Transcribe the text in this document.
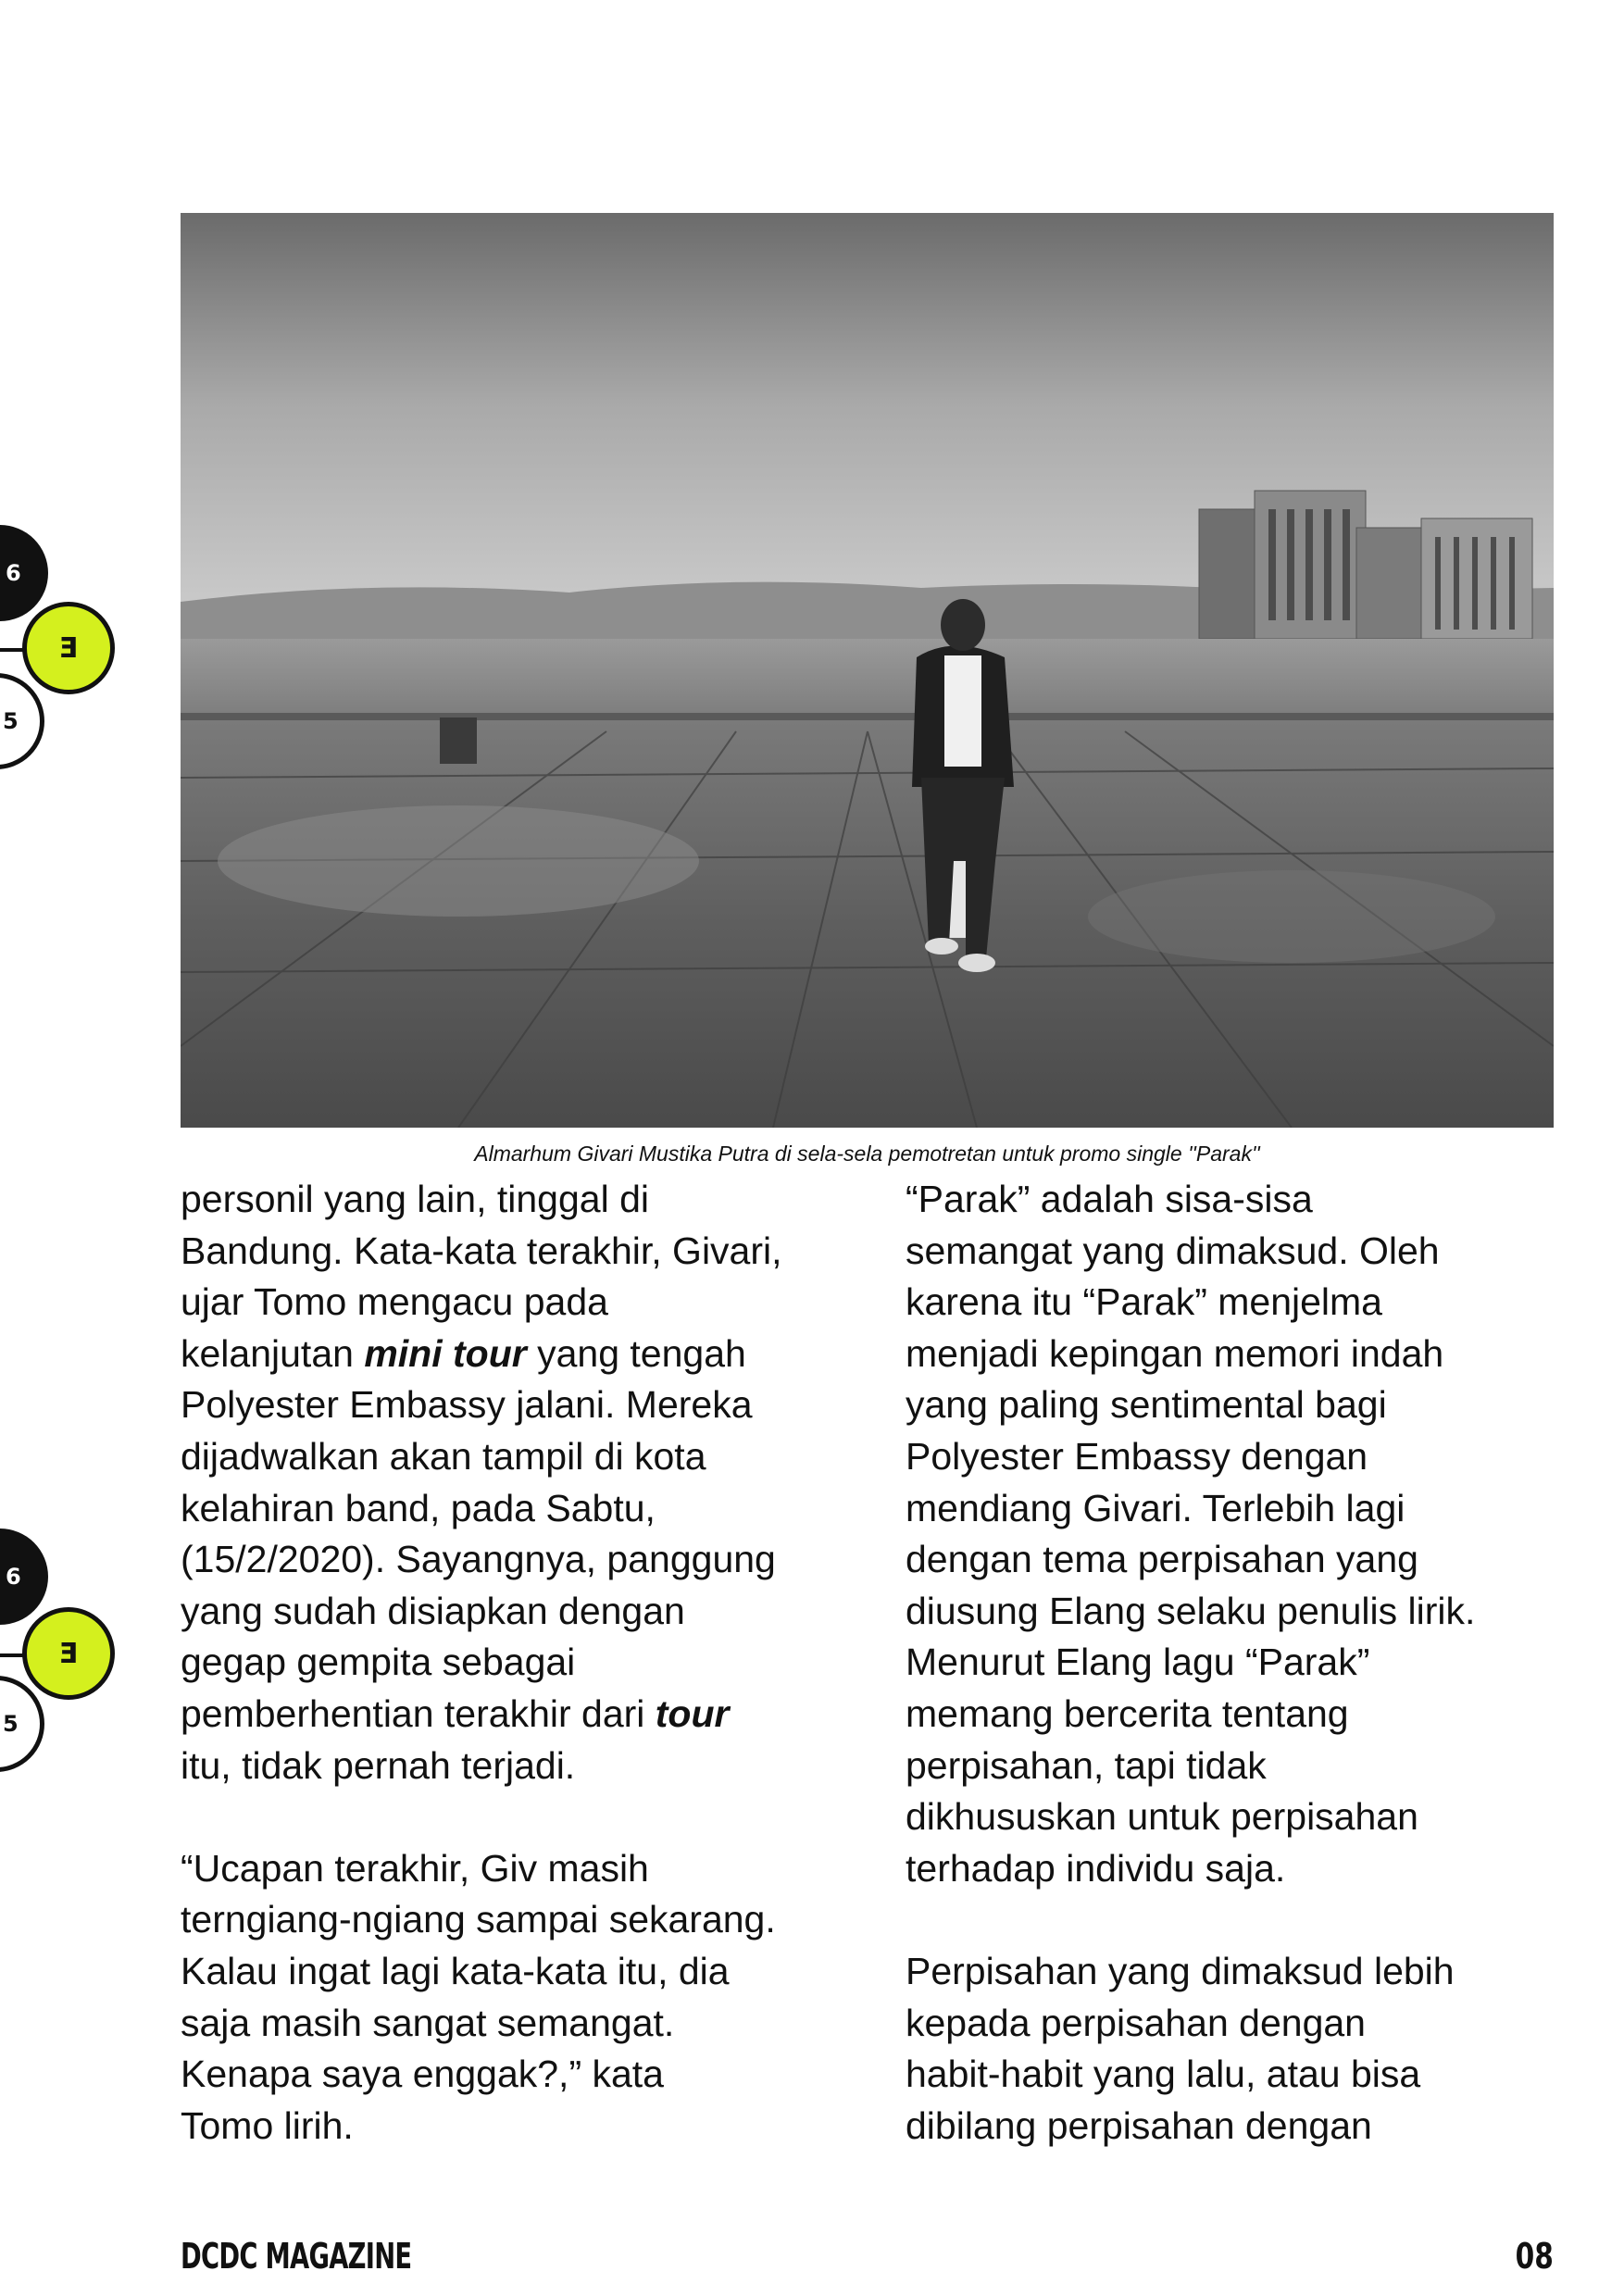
Almarhum Givari Mustika Putra di sela-sela pemotretan untuk promo single ''Parak''

personil yang lain, tinggal di

Bandung. Kata-kata terakhir, Givari,

ujar Tomo mengacu pada

kelanjutan mini tour yang tengah

Polyester Embassy jalani. Mereka

dijadwalkan akan tampil di kota

kelahiran band, pada Sabtu,

(15/2/2020). Sayangnya, panggung

yang sudah disiapkan dengan

gegap gempita sebagai

pemberhentian terakhir dari tour

itu, tidak pernah terjadi.

“Ucapan terakhir, Giv masih

terngiang-ngiang sampai sekarang.

Kalau ingat lagi kata-kata itu, dia

saja masih sangat semangat.

Kenapa saya enggak?,” kata

Tomo lirih.

“Parak” adalah sisa-sisa

semangat yang dimaksud. Oleh

karena itu “Parak” menjelma

menjadi kepingan memori indah

yang paling sentimental bagi

Polyester Embassy dengan

mendiang Givari. Terlebih lagi

dengan tema perpisahan yang

diusung Elang selaku penulis lirik.

Menurut Elang lagu “Parak”

memang bercerita tentang

perpisahan, tapi tidak

dikhususkan untuk perpisahan

terhadap individu saja.

Perpisahan yang dimaksud lebih

kepada perpisahan dengan

habit-habit yang lalu, atau bisa

dibilang perpisahan dengan

6
E
5
6
E
5
DCDC MAGAZINE	08
